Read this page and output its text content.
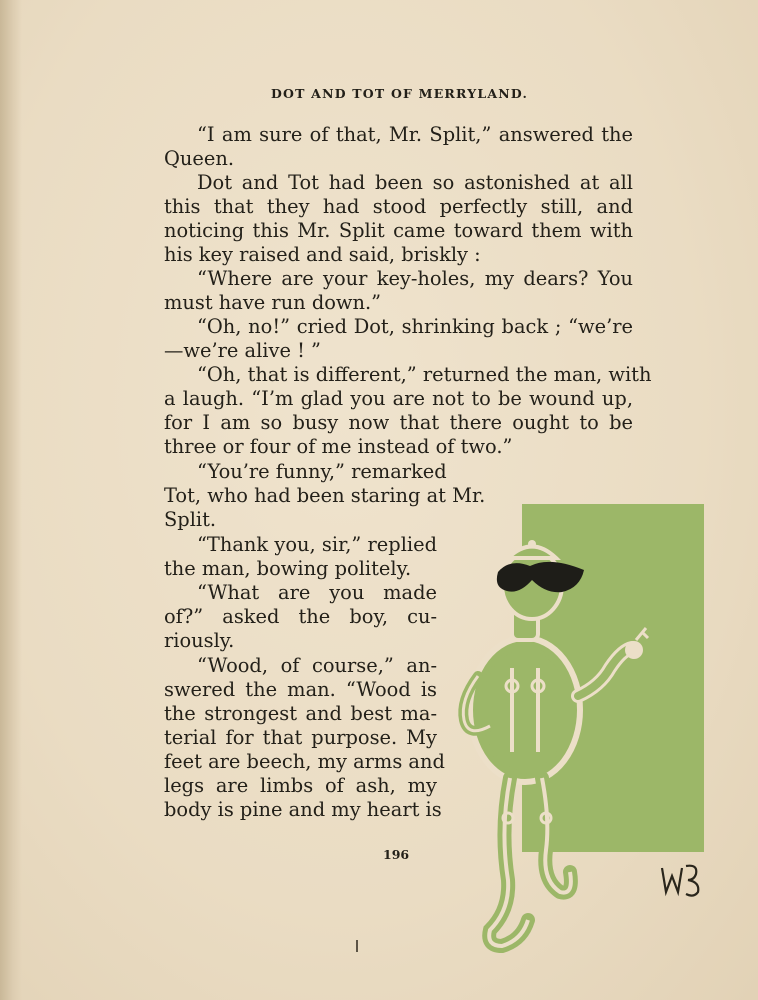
DOT AND TOT OF MERRYLAND.
“I am sure of that, Mr. Split,” answered the
Queen.
Dot and Tot had been so astonished at all
this that they had stood perfectly still, and
noticing this Mr. Split came toward them with
his key raised and said, briskly :
“Where are your key-holes, my dears? You
must have run down.”
“Oh, no!” cried Dot, shrinking back ; “we’re
—we’re alive ! ”
“Oh, that is different,” returned the man, with
a laugh. “I’m glad you are not to be wound up,
for I am so busy now that there ought to be
three or four of me instead of two.”
“You’re funny,” remarked
Tot, who had been staring at Mr.
Split.
“Thank you, sir,” replied
the man, bowing politely.
“What are you made
of?” asked the boy, cu-
riously.
“Wood, of course,” an-
swered the man. “Wood is
the strongest and best ma-
terial for that purpose. My
feet are beech, my arms and
legs are limbs of ash, my
body is pine and my heart is
196
